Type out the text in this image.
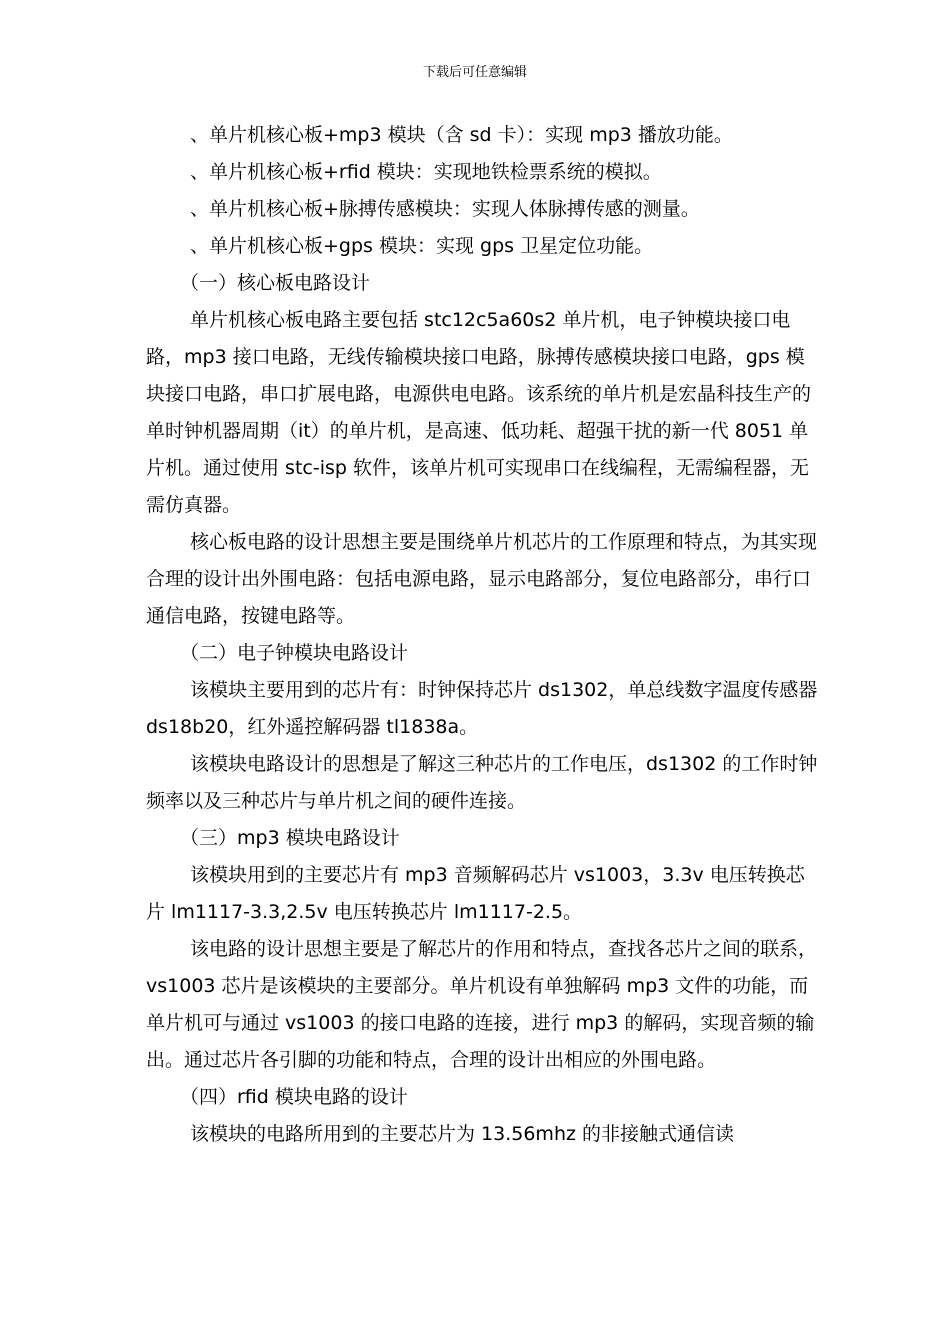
下载后可任意编辑

、单片机核心板+mp3 模块（含 sd 卡）：实现 mp3 播放功能。

、单片机核心板+rfid 模块：实现地铁检票系统的模拟。

、单片机核心板+脉搏传感模块：实现人体脉搏传感的测量。

、单片机核心板+gps 模块：实现 gps 卫星定位功能。

（一）核心板电路设计

单片机核心板电路主要包括 stc12c5a60s2 单片机，电子钟模块接口电路，mp3 接口电路，无线传输模块接口电路，脉搏传感模块接口电路，gps 模块接口电路，串口扩展电路，电源供电电路。该系统的单片机是宏晶科技生产的单时钟机器周期（it）的单片机，是高速、低功耗、超强干扰的新一代 8051 单片机。通过使用 stc-isp 软件，该单片机可实现串口在线编程，无需编程器，无需仿真器。

核心板电路的设计思想主要是围绕单片机芯片的工作原理和特点，为其实现合理的设计出外围电路：包括电源电路，显示电路部分，复位电路部分，串行口通信电路，按键电路等。

（二）电子钟模块电路设计

该模块主要用到的芯片有：时钟保持芯片 ds1302，单总线数字温度传感器 ds18b20，红外遥控解码器 tl1838a。

该模块电路设计的思想是了解这三种芯片的工作电压，ds1302 的工作时钟频率以及三种芯片与单片机之间的硬件连接。

（三）mp3 模块电路设计

该模块用到的主要芯片有 mp3 音频解码芯片 vs1003，3.3v 电压转换芯片 lm1117-3.3,2.5v 电压转换芯片 lm1117-2.5。

该电路的设计思想主要是了解芯片的作用和特点，查找各芯片之间的联系，vs1003 芯片是该模块的主要部分。单片机设有单独解码 mp3 文件的功能，而单片机可与通过 vs1003 的接口电路的连接，进行 mp3 的解码，实现音频的输出。通过芯片各引脚的功能和特点，合理的设计出相应的外围电路。

（四）rfid 模块电路的设计

该模块的电路所用到的主要芯片为 13.56mhz 的非接触式通信读
